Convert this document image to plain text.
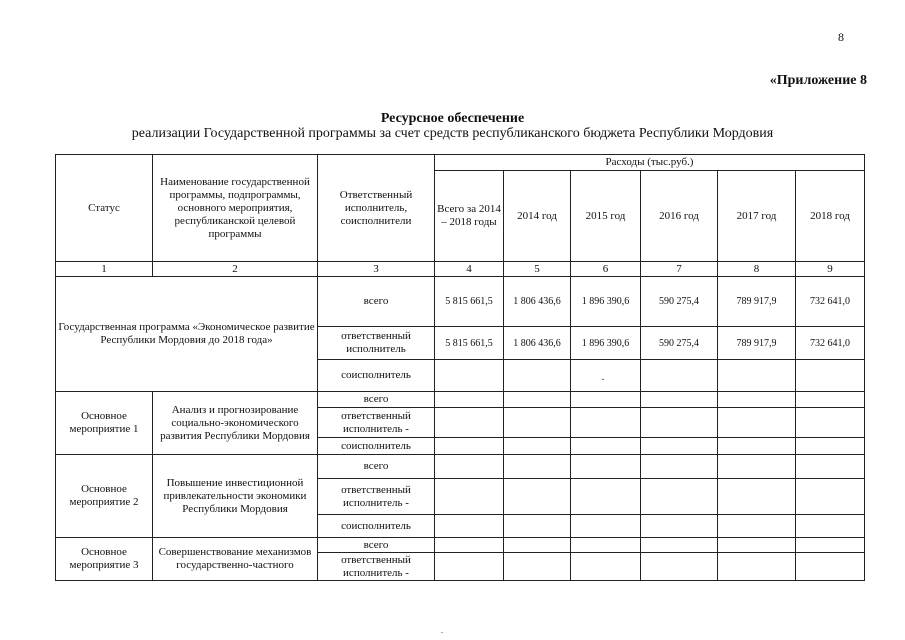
8
«Приложение 8
Ресурсное обеспечение
реализации Государственной программы за счет средств республиканского бюджета Республики Мордовия
Статус	Наименование государственной программы, подпрограммы, основного мероприятия, республиканской целевой программы	Ответственный исполнитель, соисполнители	Расходы (тыс.руб.)					
			Всего за 2014 – 2018 годы	2014 год	2015 год	2016 год	2017 год	2018 год
1	2	3	4	5	6	7	8	9
Государственная программа «Экономическое развитие Республики Мордовия до 2018 года»		всего	5 815 661,5	1 806 436,6	1 896 390,6	590 275,4	789 917,9	732 641,0
		ответственный исполнитель	5 815 661,5	1 806 436,6	1 896 390,6	590 275,4	789 917,9	732 641,0
		соисполнитель						
Основное мероприятие 1	Анализ и прогнозирование социально-экономического развития Республики Мордовия	всего						
		ответственный исполнитель -						
		соисполнитель						
Основное мероприятие 2	Повышение инвестиционной привлекательности экономики Республики Мордовия	всего						
		ответственный исполнитель -						
		соисполнитель						
Основное мероприятие 3	Совершенствование механизмов государственно-частного	всего						
		ответственный исполнитель -						
·
.
